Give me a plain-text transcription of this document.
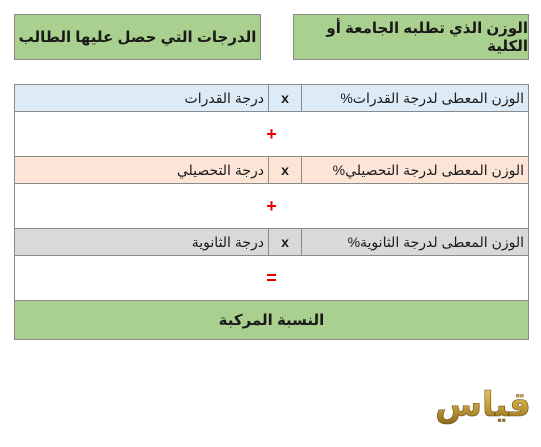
الوزن الذي تطلبه الجامعة أو الكلية
الدرجات التي حصل عليها الطالب
درجة القدرات	x	الوزن المعطى لدرجة القدرات%
+		
درجة التحصيلي	x	الوزن المعطى لدرجة التحصيلي%
+		
درجة الثانوية	x	الوزن المعطى لدرجة الثانوية%
=		
النسبة المركبة		
قياس
